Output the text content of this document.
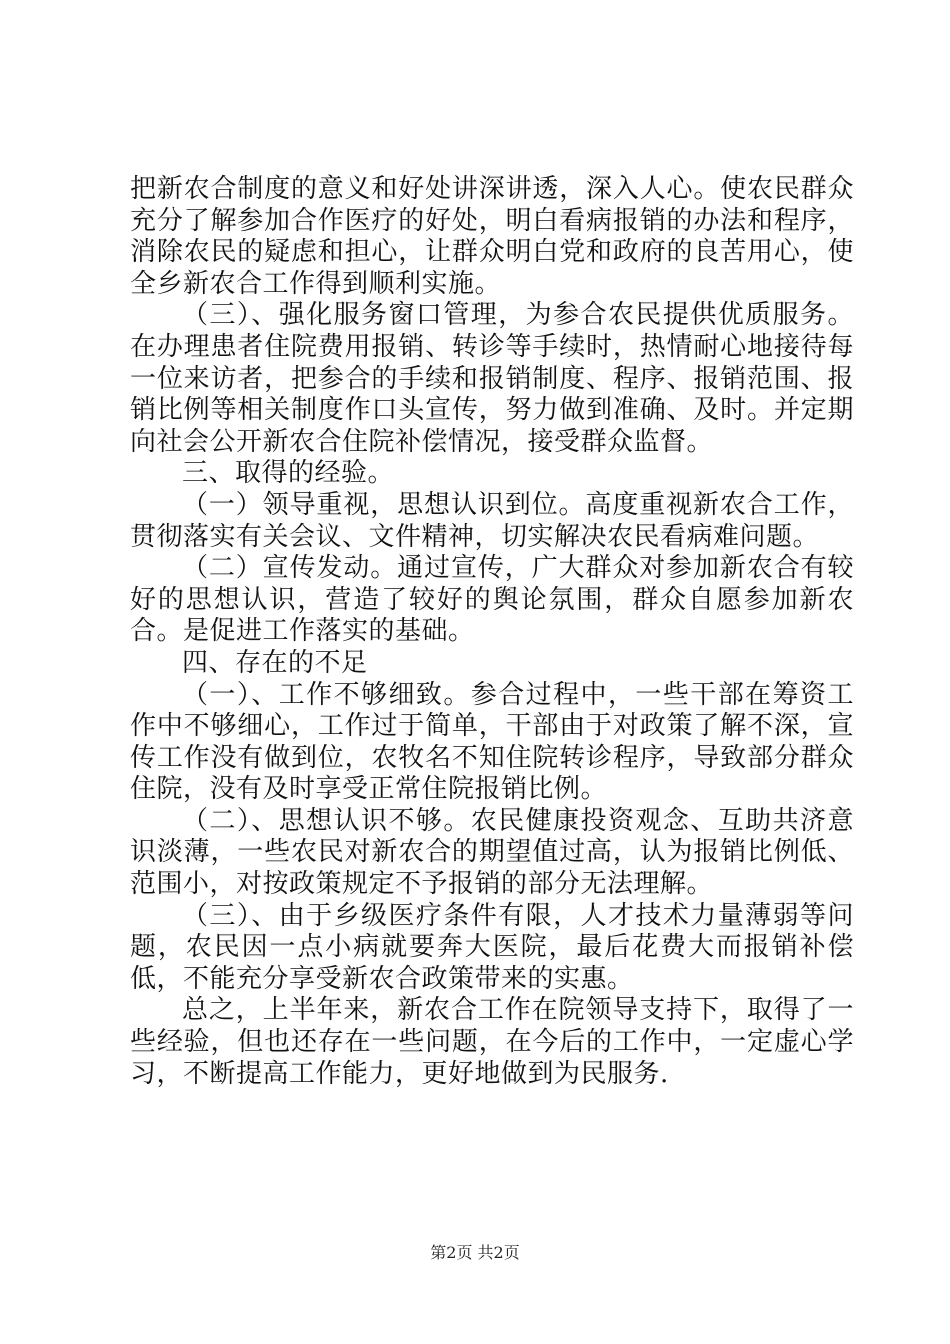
把新农合制度的意义和好处讲深讲透，深入人心。使农民群众充分了解参加合作医疗的好处，明白看病报销的办法和程序，消除农民的疑虑和担心，让群众明白党和政府的良苦用心，使全乡新农合工作得到顺利实施。

（三）、强化服务窗口管理，为参合农民提供优质服务。在办理患者住院费用报销、转诊等手续时，热情耐心地接待每一位来访者，把参合的手续和报销制度、程序、报销范围、报销比例等相关制度作口头宣传，努力做到准确、及时。并定期向社会公开新农合住院补偿情况，接受群众监督。

三、取得的经验。

（一）领导重视，思想认识到位。高度重视新农合工作，贯彻落实有关会议、文件精神，切实解决农民看病难问题。

（二）宣传发动。通过宣传，广大群众对参加新农合有较好的思想认识，营造了较好的舆论氛围，群众自愿参加新农合。是促进工作落实的基础。

四、存在的不足

（一）、工作不够细致。参合过程中，一些干部在筹资工作中不够细心，工作过于简单，干部由于对政策了解不深，宣传工作没有做到位，农牧名不知住院转诊程序，导致部分群众住院，没有及时享受正常住院报销比例。

（二）、思想认识不够。农民健康投资观念、互助共济意识淡薄，一些农民对新农合的期望值过高，认为报销比例低、范围小，对按政策规定不予报销的部分无法理解。

（三）、由于乡级医疗条件有限，人才技术力量薄弱等问题，农民因一点小病就要奔大医院，最后花费大而报销补偿低，不能充分享受新农合政策带来的实惠。

总之，上半年来，新农合工作在院领导支持下，取得了一些经验，但也还存在一些问题，在今后的工作中，一定虚心学习，不断提高工作能力，更好地做到为民服务.

第2页 共2页
